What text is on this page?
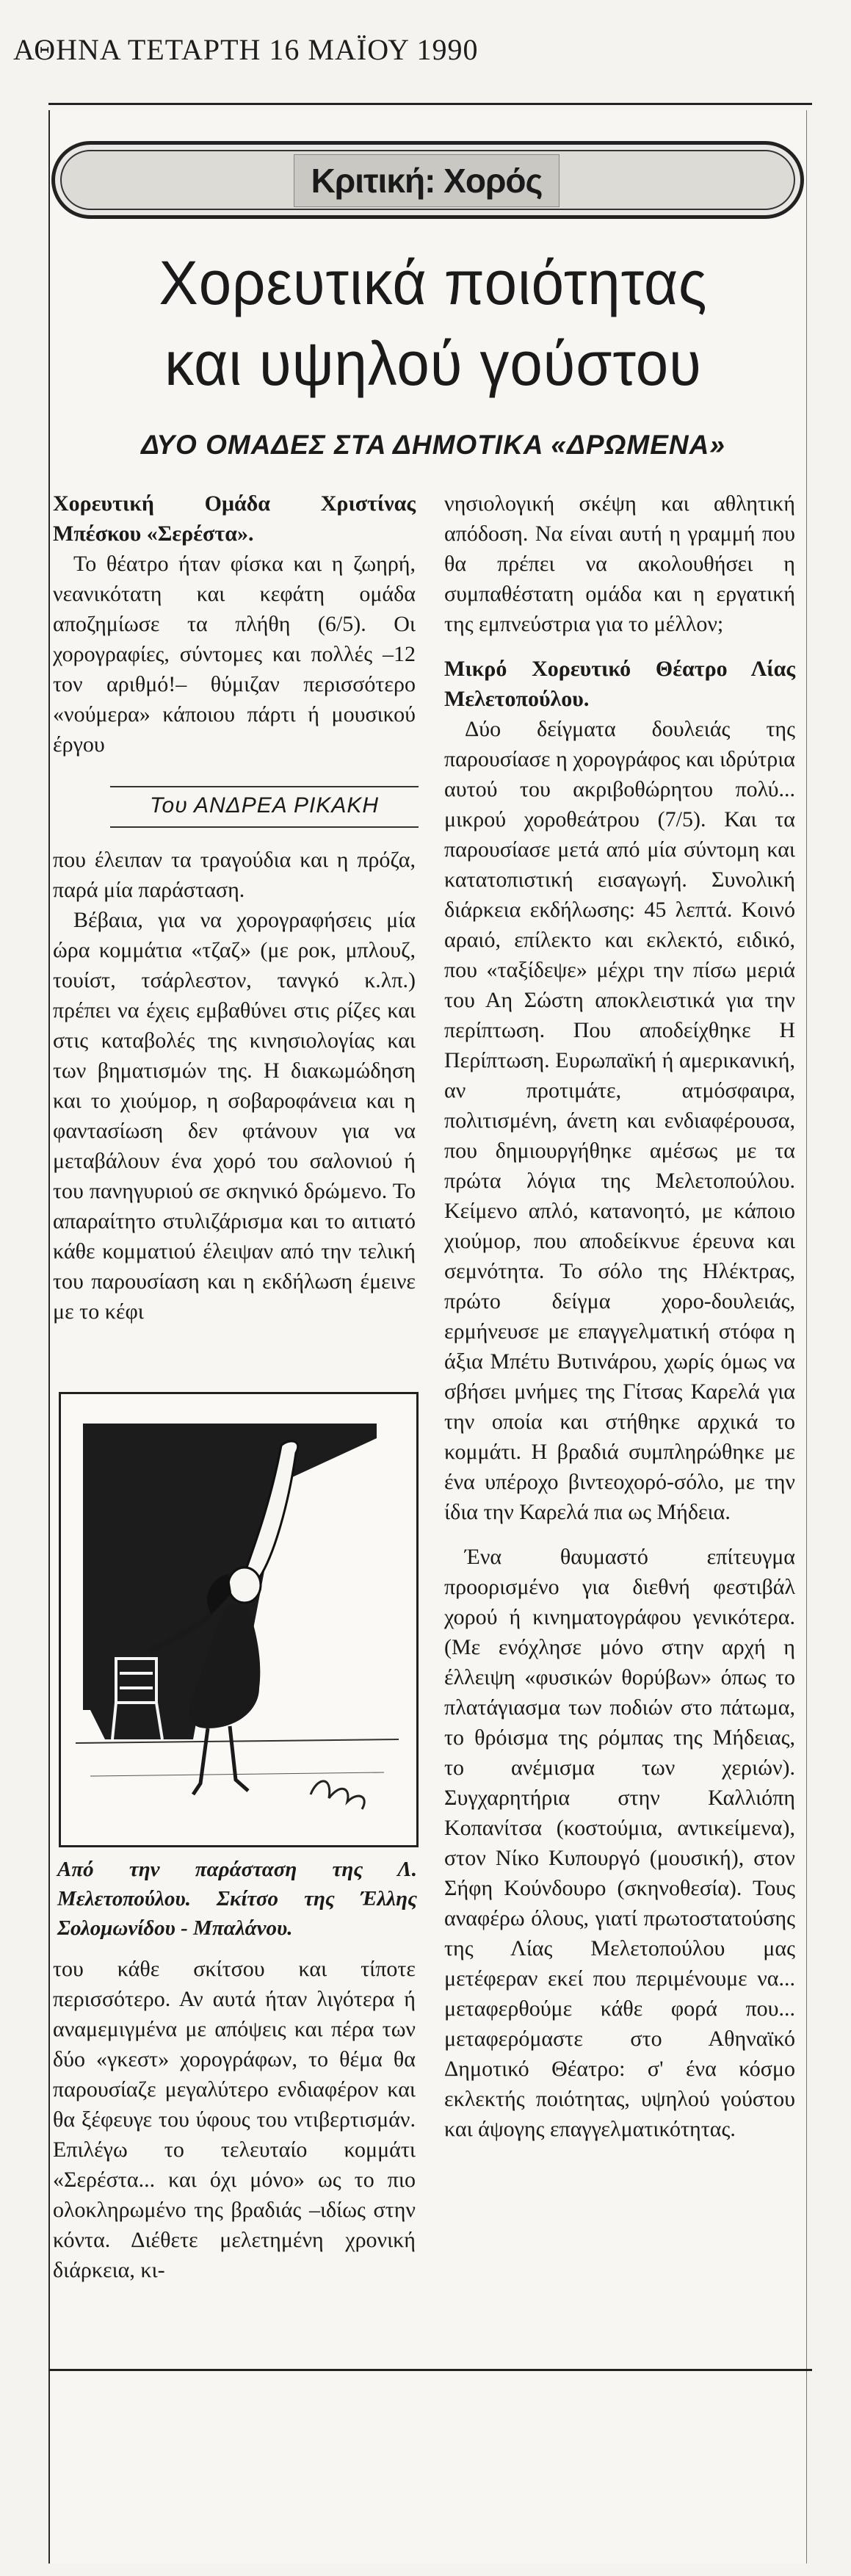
ΑΘΗΝΑ ΤΕΤΑΡΤΗ 16 ΜΑΪΟΥ 1990
Κριτική: Χορός
Χορευτικά ποιότητας
και υψηλού γούστου
ΔΥΟ ΟΜΑΔΕΣ ΣΤΑ ΔΗΜΟΤΙΚΑ «ΔΡΩΜΕΝΑ»

Χορευτική Ομάδα Χριστίνας Μπέσκου «Σερέστα».

Το θέατρο ήταν φίσκα και η ζωηρή, νεανικότατη και κεφάτη ομάδα αποζημίωσε τα πλήθη (6/5). Οι χορογραφίες, σύντομες και πολλές –12 τον αριθμό!– θύμιζαν περισσότερο «νούμερα» κάποιου πάρτι ή μουσικού έργου

Του ΑΝΔΡΕΑ ΡΙΚΑΚΗ

που έλειπαν τα τραγούδια και η πρόζα, παρά μία παράσταση.

Βέβαια, για να χορογραφήσεις μία ώρα κομμάτια «τζαζ» (με ροκ, μπλουζ, τουίστ, τσάρλεστον, τανγκό κ.λπ.) πρέπει να έχεις εμβαθύνει στις ρίζες και στις καταβολές της κινησιολογίας και των βηματισμών της. Η διακωμώδηση και το χιούμορ, η σοβαροφάνεια και η φαντασίωση δεν φτάνουν για να μεταβάλουν ένα χορό του σαλονιού ή του πανηγυριού σε σκηνικό δρώμενο. Το απαραίτητο στυλιζάρισμα και το αιτιατό κάθε κομματιού έλειψαν από την τελική του παρουσίαση και η εκδήλωση έμεινε με το κέφι

Από την παράσταση της Λ. Μελετοπούλου. Σκίτσο της Έλλης Σολομωνίδου - Μπαλάνου.

του κάθε σκίτσου και τίποτε περισσότερο. Αν αυτά ήταν λιγότερα ή αναμεμιγμένα με απόψεις και πέρα των δύο «γκεστ» χορογράφων, το θέμα θα παρουσίαζε μεγαλύτερο ενδιαφέρον και θα ξέφευγε του ύφους του ντιβερτισμάν. Επιλέγω το τελευταίο κομμάτι «Σερέστα... και όχι μόνο» ως το πιο ολοκληρωμένο της βραδιάς –ιδίως στην κόντα. Διέθετε μελετημένη χρονική διάρκεια, κι-

νησιολογική σκέψη και αθλητική απόδοση. Να είναι αυτή η γραμμή που θα πρέπει να ακολουθήσει η συμπαθέστατη ομάδα και η εργατική της εμπνεύστρια για το μέλλον;

Μικρό Χορευτικό Θέατρο Λίας Μελετοπούλου.

Δύο δείγματα δουλειάς της παρουσίασε η χορογράφος και ιδρύτρια αυτού του ακριβοθώρητου πολύ... μικρού χοροθεάτρου (7/5). Και τα παρουσίασε μετά από μία σύντομη και κατατοπιστική εισαγωγή. Συνολική διάρκεια εκδήλωσης: 45 λεπτά. Κοινό αραιό, επίλεκτο και εκλεκτό, ειδικό, που «ταξίδεψε» μέχρι την πίσω μεριά του Αη Σώστη αποκλειστικά για την περίπτωση. Που αποδείχθηκε Η Περίπτωση. Ευρωπαϊκή ή αμερικανική, αν προτιμάτε, ατμόσφαιρα, πολιτισμένη, άνετη και ενδιαφέρουσα, που δημιουργήθηκε αμέσως με τα πρώτα λόγια της Μελετοπούλου. Κείμενο απλό, κατανοητό, με κάποιο χιούμορ, που αποδείκνυε έρευνα και σεμνότητα. Το σόλο της Ηλέκτρας, πρώτο δείγμα χορο-δουλειάς, ερμήνευσε με επαγγελματική στόφα η άξια Μπέτυ Βυτινάρου, χωρίς όμως να σβήσει μνήμες της Γίτσας Καρελά για την οποία και στήθηκε αρχικά το κομμάτι. Η βραδιά συμπληρώθηκε με ένα υπέροχο βιντεοχορό-σόλο, με την ίδια την Καρελά πια ως Μήδεια.

Ένα θαυμαστό επίτευγμα προορισμένο για διεθνή φεστιβάλ χορού ή κινηματογράφου γενικότερα. (Με ενόχλησε μόνο στην αρχή η έλλειψη «φυσικών θορύβων» όπως το πλατάγιασμα των ποδιών στο πάτωμα, το θρόισμα της ρόμπας της Μήδειας, το ανέμισμα των χεριών). Συγχαρητήρια στην Καλλιόπη Κοπανίτσα (κοστούμια, αντικείμενα), στον Νίκο Κυπουργό (μουσική), στον Σήφη Κούνδουρο (σκηνοθεσία). Τους αναφέρω όλους, γιατί πρωτοστατούσης της Λίας Μελετοπούλου μας μετέφεραν εκεί που περιμένουμε να... μεταφερθούμε κάθε φορά που... μεταφερόμαστε στο Αθηναϊκό Δημοτικό Θέατρο: σ' ένα κόσμο εκλεκτής ποιότητας, υψηλού γούστου και άψογης επαγγελματικότητας.
